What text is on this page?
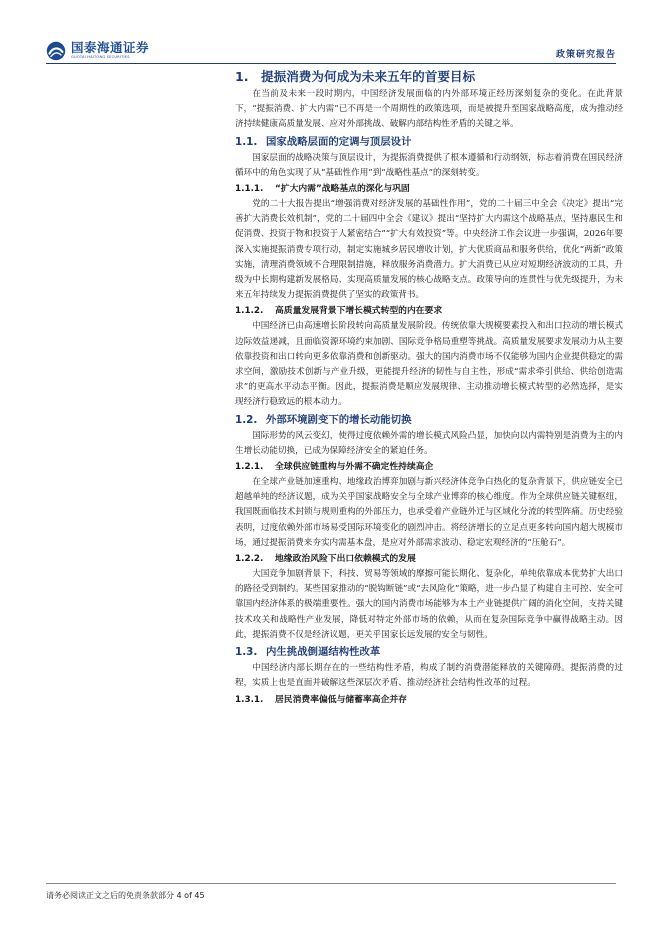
国泰海通证券
GUOTAI HAITONG SECURITIES	政策研究报告
1. 提振消费为何成为未来五年的首要目标

在当前及未来一段时期内，中国经济发展面临的内外部环境正经历深刻复杂的变化。在此背景下，“提振消费、扩大内需”已不再是一个周期性的政策选项，而是被提升至国家战略高度，成为推动经济持续健康高质量发展、应对外部挑战、破解内部结构性矛盾的关键之举。

1.1. 国家战略层面的定调与顶层设计

国家层面的战略决策与顶层设计，为提振消费提供了根本遵循和行动纲领，标志着消费在国民经济循环中的角色实现了从“基础性作用”到“战略性基点”的深刻转变。

1.1.1. “扩大内需”战略基点的深化与巩固

党的二十大报告提出“增强消费对经济发展的基础性作用”，党的二十届三中全会《决定》提出“完善扩大消费长效机制”，党的二十届四中全会《建议》提出“坚持扩大内需这个战略基点，坚持惠民生和促消费、投资于物和投资于人紧密结合”“扩大有效投资”等。中央经济工作会议进一步强调，2026年要深入实施提振消费专项行动，制定实施城乡居民增收计划，扩大优质商品和服务供给，优化“两新”政策实施，清理消费领域不合理限制措施，释放服务消费潜力。扩大消费已从应对短期经济波动的工具，升级为中长期构建新发展格局、实现高质量发展的核心战略支点。政策导向的连贯性与优先级提升，为未来五年持续发力提振消费提供了坚实的政策背书。

1.1.2. 高质量发展背景下增长模式转型的内在要求

中国经济已由高速增长阶段转向高质量发展阶段。传统依靠大规模要素投入和出口拉动的增长模式边际效益递减，且面临资源环境约束加剧、国际竞争格局重塑等挑战。高质量发展要求发展动力从主要依靠投资和出口转向更多依靠消费和创新驱动。强大的国内消费市场不仅能够为国内企业提供稳定的需求空间，激励技术创新与产业升级，更能提升经济的韧性与自主性，形成“需求牵引供给、供给创造需求”的更高水平动态平衡。因此，提振消费是顺应发展规律、主动推动增长模式转型的必然选择，是实现经济行稳致远的根本动力。

1.2. 外部环境剧变下的增长动能切换

国际形势的风云变幻，使得过度依赖外需的增长模式风险凸显，加快向以内需特别是消费为主的内生增长动能切换，已成为保障经济安全的紧迫任务。

1.2.1. 全球供应链重构与外需不确定性持续高企

在全球产业链加速重构、地缘政治博弈加剧与新兴经济体竞争白热化的复杂背景下，供应链安全已超越单纯的经济议题，成为关乎国家战略安全与全球产业博弈的核心维度。作为全球供应链关键枢纽，我国既面临技术封锁与规则重构的外部压力，也承受着产业链外迁与区域化分流的转型阵痛。历史经验表明，过度依赖外部市场易受国际环境变化的剧烈冲击。将经济增长的立足点更多转向国内超大规模市场，通过提振消费来夯实内需基本盘，是应对外部需求波动、稳定宏观经济的“压舱石”。

1.2.2. 地缘政治风险下出口依赖模式的发展

大国竞争加剧背景下，科技、贸易等领域的摩擦可能长期化、复杂化，单纯依靠成本优势扩大出口的路径受到制约。某些国家推动的“脱钩断链”或“去风险化”策略，进一步凸显了构建自主可控、安全可靠国内经济体系的极端重要性。强大的国内消费市场能够为本土产业链提供广阔的消化空间，支持关键技术攻关和战略性产业发展，降低对特定外部市场的依赖，从而在复杂国际竞争中赢得战略主动。因此，提振消费不仅是经济议题，更关乎国家长远发展的安全与韧性。

1.3. 内生挑战倒逼结构性改革

中国经济内部长期存在的一些结构性矛盾，构成了制约消费潜能释放的关键障碍。提振消费的过程，实质上也是直面并破解这些深层次矛盾、推动经济社会结构性改革的过程。

1.3.1. 居民消费率偏低与储蓄率高企并存
请务必阅读正文之后的免责条款部分 4 of 45
